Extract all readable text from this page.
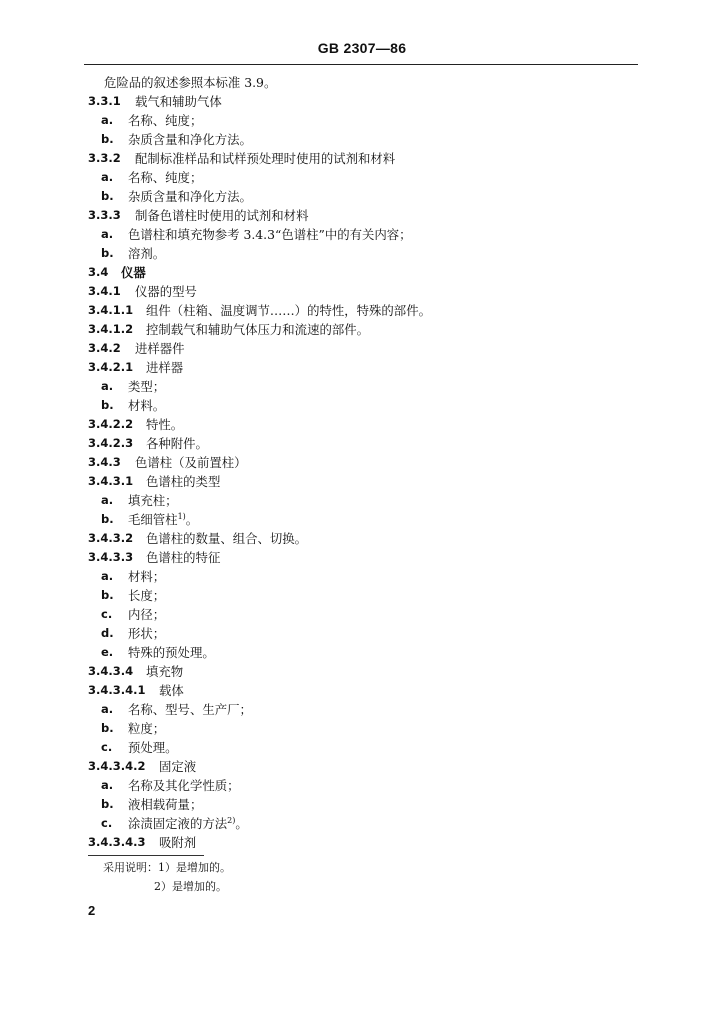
GB 2307—86
危险品的叙述参照本标准 3.9。
3.3.1 载气和辅助气体
a. 名称、纯度；
b. 杂质含量和净化方法。
3.3.2 配制标准样品和试样预处理时使用的试剂和材料
a. 名称、纯度；
b. 杂质含量和净化方法。
3.3.3 制备色谱柱时使用的试剂和材料
a. 色谱柱和填充物参考 3.4.3“色谱柱”中的有关内容；
b. 溶剂。
3.4 仪器
3.4.1 仪器的型号
3.4.1.1 组件（柱箱、温度调节……）的特性，特殊的部件。
3.4.1.2 控制载气和辅助气体压力和流速的部件。
3.4.2 进样器件
3.4.2.1 进样器
a. 类型；
b. 材料。
3.4.2.2 特性。
3.4.2.3 各种附件。
3.4.3 色谱柱（及前置柱）
3.4.3.1 色谱柱的类型
a. 填充柱；
b. 毛细管柱$^{1)}$。
3.4.3.2 色谱柱的数量、组合、切换。
3.4.3.3 色谱柱的特征
a. 材料；
b. 长度；
c. 内径；
d. 形状；
e. 特殊的预处理。
3.4.3.4 填充物
3.4.3.4.1 载体
a. 名称、型号、生产厂；
b. 粒度；
c. 预处理。
3.4.3.4.2 固定液
a. 名称及其化学性质；
b. 液相载荷量；
c. 涂渍固定液的方法$^{2)}$。
3.4.3.4.3 吸附剂
采用说明：1）是增加的。
2）是增加的。
2
